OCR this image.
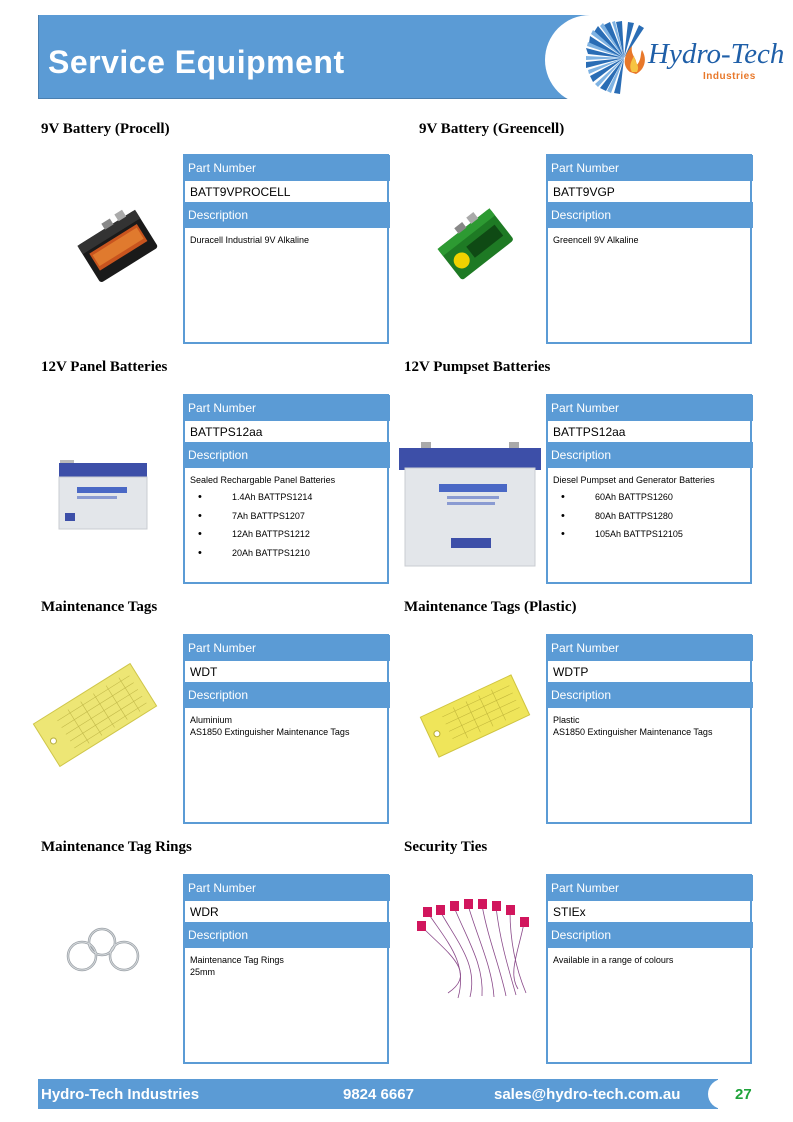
Service Equipment	Hydro-Tech
Industries
9V Battery (Procell)
Part Number
BATT9VPROCELL
Description
Duracell Industrial 9V Alkaline
9V Battery (Greencell)
Part Number
BATT9VGP
Description
Greencell 9V Alkaline
12V Panel Batteries
Part Number
BATTPS12aa
Description
Sealed Rechargable Panel Batteries
• 1.4Ah BATTPS1214
• 7Ah BATTPS1207
• 12Ah BATTPS1212
• 20Ah BATTPS1210
12V Pumpset Batteries
Part Number
BATTPS12aa
Description
Diesel Pumpset and Generator Batteries
• 60Ah BATTPS1260
• 80Ah BATTPS1280
• 105Ah BATTPS12105
Maintenance Tags
Part Number
WDT
Description
Aluminium
AS1850 Extinguisher Maintenance Tags
Maintenance Tags (Plastic)
Part Number
WDTP
Description
Plastic
AS1850 Extinguisher Maintenance Tags
Maintenance Tag Rings
Part Number
WDR
Description
Maintenance Tag Rings
25mm
Security Ties
Part Number
STIEx
Description
Available in a range of colours
Hydro-Tech Industries	9824 6667	sales@hydro-tech.com.au	27
